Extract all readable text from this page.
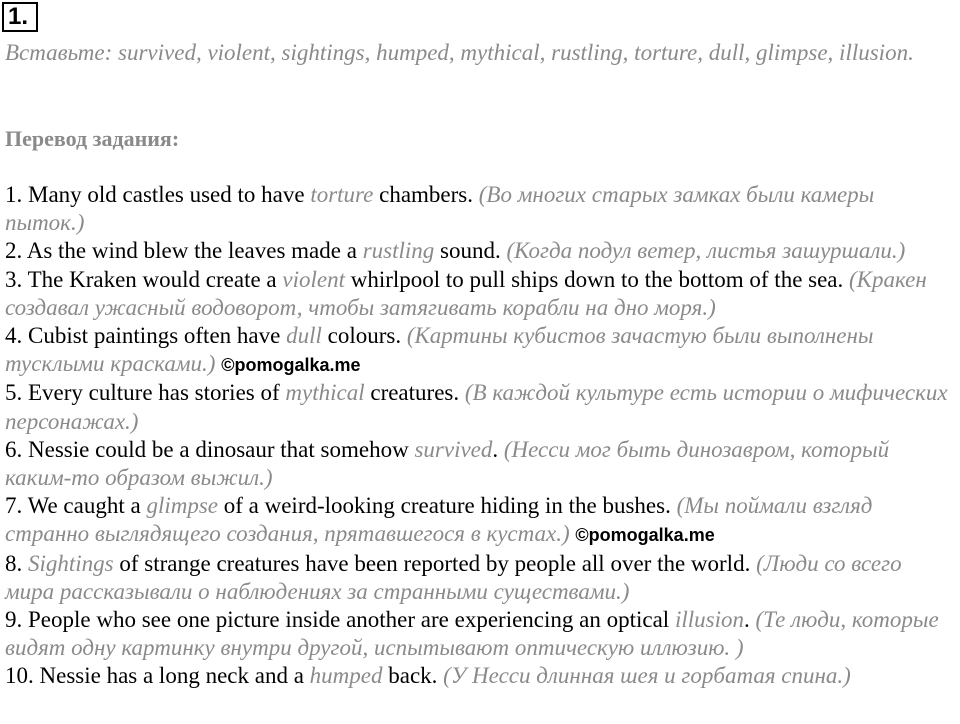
1.
Вставьте: survived, violent, sightings, humped, mythical, rustling, torture, dull, glimpse, illusion.
Перевод задания:

1. Many old castles used to have torture chambers. (Во многих старых замках были камеры пыток.)

2. As the wind blew the leaves made a rustling sound. (Когда подул ветер, листья зашуршали.)

3. The Kraken would create a violent whirlpool to pull ships down to the bottom of the sea. (Кракен создавал ужасный водоворот, чтобы затягивать корабли на дно моря.)

4. Cubist paintings often have dull colours. (Картины кубистов зачастую были выполнены тусклыми красками.) ©pomogalka.me

5. Every culture has stories of mythical creatures. (В каждой культуре есть истории о мифических персонажах.)

6. Nessie could be a dinosaur that somehow survived. (Несси мог быть динозавром, который каким-то образом выжил.)

7. We caught a glimpse of a weird-looking creature hiding in the bushes. (Мы поймали взгляд странно выглядящего создания, прятавшегося в кустах.) ©pomogalka.me

8. Sightings of strange creatures have been reported by people all over the world. (Люди со всего мира рассказывали о наблюдениях за странными существами.)

9. People who see one picture inside another are experiencing an optical illusion. (Те люди, которые видят одну картинку внутри другой, испытывают оптическую иллюзию. )

10. Nessie has a long neck and a humped back. (У Несси длинная шея и горбатая спина.)
